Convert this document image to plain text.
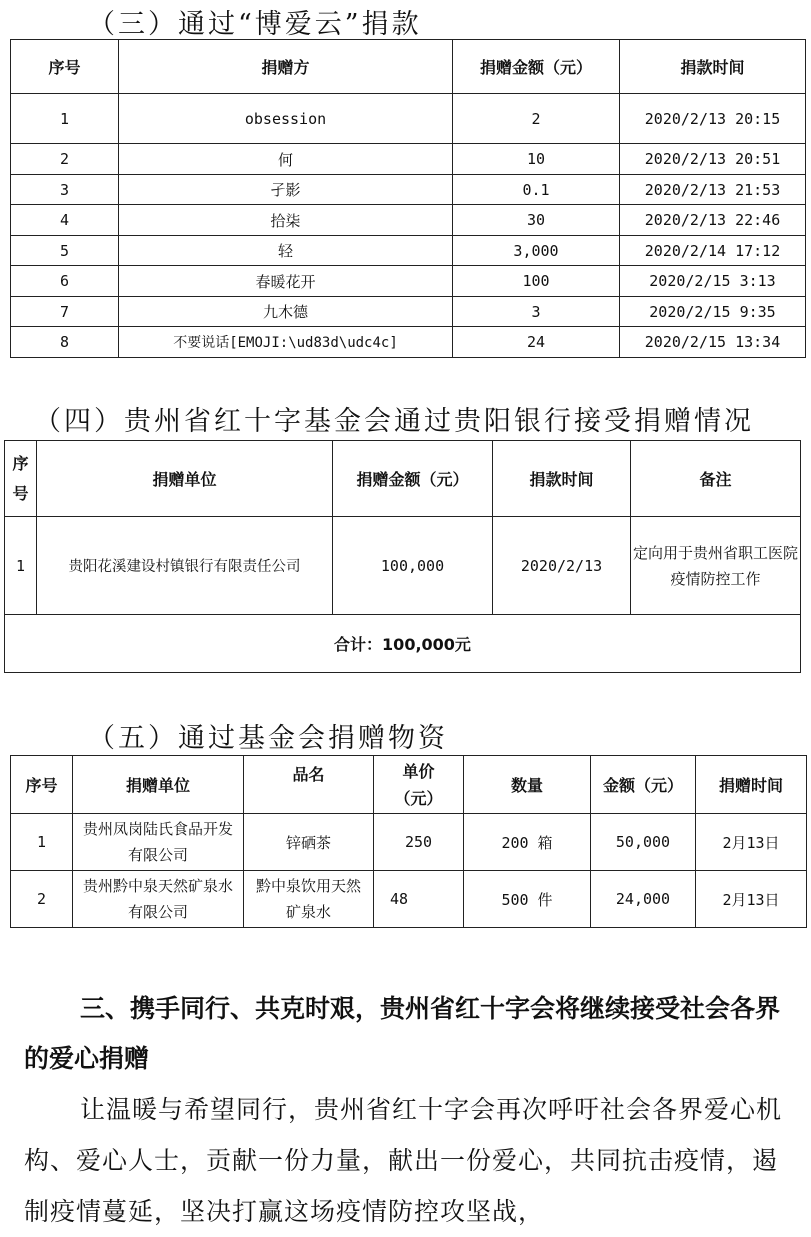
（三）通过“博爱云”捐款
序号	捐赠方	捐赠金额（元）	捐款时间
1	obsession	2	2020/2/13 20:15
2	何	10	2020/2/13 20:51
3	孑影	0.1	2020/2/13 21:53
4	拾柒	30	2020/2/13 22:46
5	轻	3,000	2020/2/14 17:12
6	春暖花开	100	2020/2/15 3:13
7	九木德	3	2020/2/15 9:35
8	不要说话[EMOJI:\ud83d\udc4c]	24	2020/2/15 13:34
（四）贵州省红十字基金会通过贵阳银行接受捐赠情况
序号	捐赠单位	捐赠金额（元）	捐款时间	备注
1	贵阳花溪建设村镇银行有限责任公司	100,000	2020/2/13	定向用于贵州省职工医院疫情防控工作
合计：100,000元				
（五）通过基金会捐赠物资
序号	捐赠单位	品名	单价（元）	数量	金额（元）	捐赠时间
1	贵州凤岗陆氏食品开发有限公司	锌硒茶	250	200 箱	50,000	2月13日
2	贵州黔中泉天然矿泉水有限公司	黔中泉饮用天然矿泉水	48	500 件	24,000	2月13日

三、携手同行、共克时艰，贵州省红十字会将继续接受社会各界的爱心捐赠

让温暖与希望同行，贵州省红十字会再次呼吁社会各界爱心机构、爱心人士，贡献一份力量，献出一份爱心，共同抗击疫情，遏制疫情蔓延，坚决打赢这场疫情防控攻坚战，
